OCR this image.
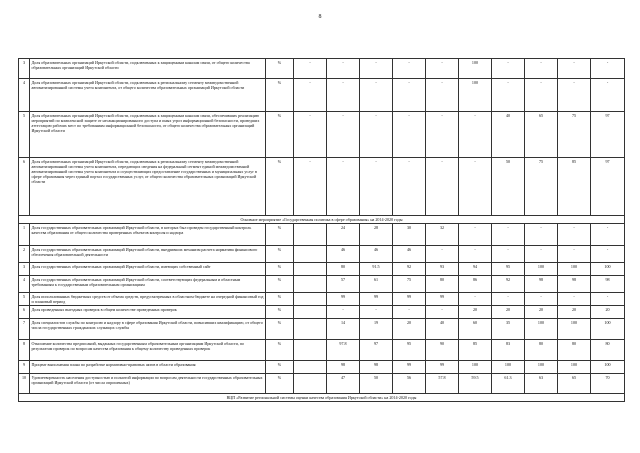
8
3	Доля образовательных организаций Иркутской области, подключенных к защищенным каналам связи, от общего количества образовательных организаций Иркутской области	%	-	-	-	-	-	100	-	-	-	-
4	Доля образовательных организаций Иркутской области, подключенных к региональному сегменту межведомственной автоматизированной системы учета контингента, от общего количества образовательных организаций Иркутской области	%	-	-	-	-	-	100	-	-	-	-
5	Доля образовательных организаций Иркутской области, подключенных к защищенным каналам связи, обеспечивших реализацию мероприятий по комплексной защите от несанкционированного доступа и иных угроз информационной безопасности, проведших аттестацию рабочих мест по требованиям информационной безопасности, от общего количества образовательных организаций Иркутской области	%	-	-	-	-	-	-	40	65	75	97
6	Доля образовательных организаций Иркутской области, подключенных к региональному сегменту межведомственной автоматизированной системы учета контингента, передающих сведения на федеральный сегмент единой межведомственной автоматизированной системы учета контингента и осуществляющих предоставление государственных и муниципальных услуг в сфере образования через единый портал государственных услуг, от общего количества образовательных организаций Иркутской области	%	-	-	-	-	-	-	50	75	85	97
Основное мероприятие «Государственная политика в сфере образования» на 2014-2020 годы												
1	Доля государственных образовательных организаций Иркутской области, в которых был проведен государственный контроль качества образования от общего количества проверенных объектов контроля и надзора	%		24	28	30	32	-	-	-	-	-
2	Доля государственных образовательных организаций Иркутской области, внедривших механизм расчета норматива финансового обеспечения образовательной деятельности	%		46	46	46	-	-	-	-	-	-
3	Доля государственных образовательных организаций Иркутской области, имеющих собственный сайт	%		80	91.5	92	93	94	95	100	100	100
4	Доля государственных образовательных организаций Иркутской области, соответствующих федеральным и областным требованиям к государственным образовательным организациям	%		57	61	75	80	86	92	98	98	98
5	Доля использованных бюджетных средств от объема средств, предусмотренных в областном бюджете на очередной финансовый год и плановый период	%		99	99	99	99	-	-	-	-	-
6	Доля проведенных выездных проверок в общем количестве проведенных проверок	%		-	-	-	-	20	20	20	20	20
7	Доля специалистов службы по контролю и надзору в сфере образования Иркутской области, повысивших квалификацию, от общего числа государственных гражданских служащих службы	%		14	19	20	40	60	35	100	100	100
8	Отношение количества предписаний, выданных государственным образовательным организациям Иркутской области, по результатам проверок по вопросам качества образования к общему количеству проведенных проверок	%		97.8	97	95	90	85	83	80	80	80
9	Процент выполнения плана по разработке нормативно-правовых актов в области образования	%		98	98	99	99	100	100	100	100	100
10	Удовлетворенность населения доступностью и полнотой информации по вопросам деятельности государственных образовательных организаций Иркутской области (от числа опрошенных)	%		47	50	56	57.8	59.5	61.3	63	65	70
ВЦП «Развитие региональной системы оценки качества образования Иркутской области» на 2014-2020 годы												
